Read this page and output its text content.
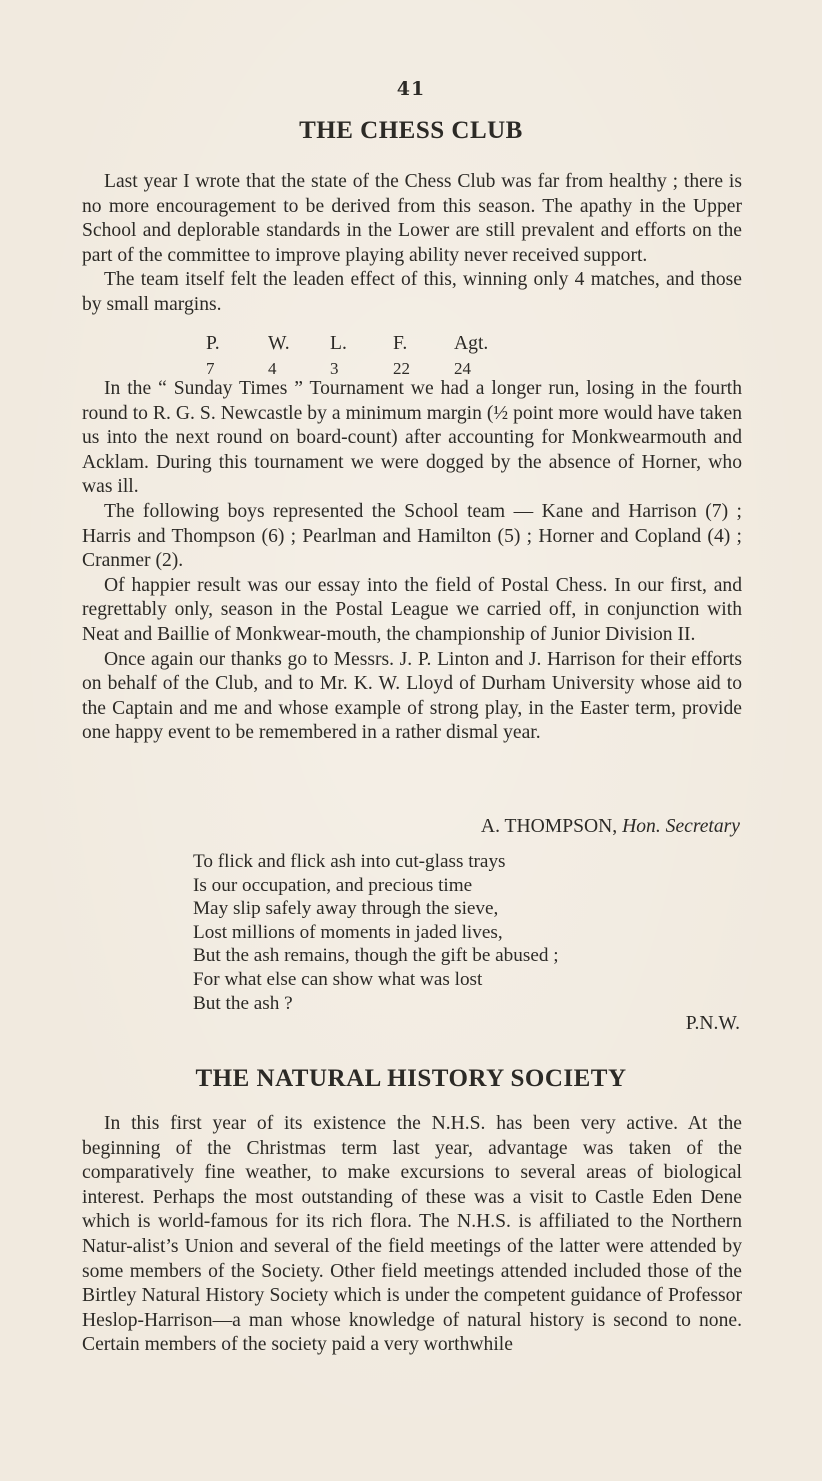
41
THE CHESS CLUB

Last year I wrote that the state of the Chess Club was far from healthy ; there is no more encouragement to be derived from this season. The apathy in the Upper School and deplorable standards in the Lower are still prevalent and efforts on the part of the committee to improve playing ability never received support.

The team itself felt the leaden effect of this, winning only 4 matches, and those by small margins.

P.	W.	L.	F.	Agt.
7	4	3	22	24

In the “ Sunday Times ” Tournament we had a longer run, losing in the fourth round to R. G. S. Newcastle by a minimum margin (½ point more would have taken us into the next round on board-count) after accounting for Monkwearmouth and Acklam. During this tournament we were dogged by the absence of Horner, who was ill.

The following boys represented the School team — Kane and Harrison (7) ; Harris and Thompson (6) ; Pearlman and Hamilton (5) ; Horner and Copland (4) ; Cranmer (2).

Of happier result was our essay into the field of Postal Chess. In our first, and regrettably only, season in the Postal League we carried off, in conjunction with Neat and Baillie of Monkwear-mouth, the championship of Junior Division II.

Once again our thanks go to Messrs. J. P. Linton and J. Harrison for their efforts on behalf of the Club, and to Mr. K. W. Lloyd of Durham University whose aid to the Captain and me and whose example of strong play, in the Easter term, provide one happy event to be remembered in a rather dismal year.

A. THOMPSON, Hon. Secretary
To flick and flick ash into cut-glass trays
Is our occupation, and precious time
May slip safely away through the sieve,
Lost millions of moments in jaded lives,
But the ash remains, though the gift be abused ;
For what else can show what was lost
But the ash ?
P.N.W.
THE NATURAL HISTORY SOCIETY

In this first year of its existence the N.H.S. has been very active. At the beginning of the Christmas term last year, advantage was taken of the comparatively fine weather, to make excursions to several areas of biological interest. Perhaps the most outstanding of these was a visit to Castle Eden Dene which is world-famous for its rich flora. The N.H.S. is affiliated to the Northern Natur-alist’s Union and several of the field meetings of the latter were attended by some members of the Society. Other field meetings attended included those of the Birtley Natural History Society which is under the competent guidance of Professor Heslop-Harrison—a man whose knowledge of natural history is second to none. Certain members of the society paid a very worthwhile
